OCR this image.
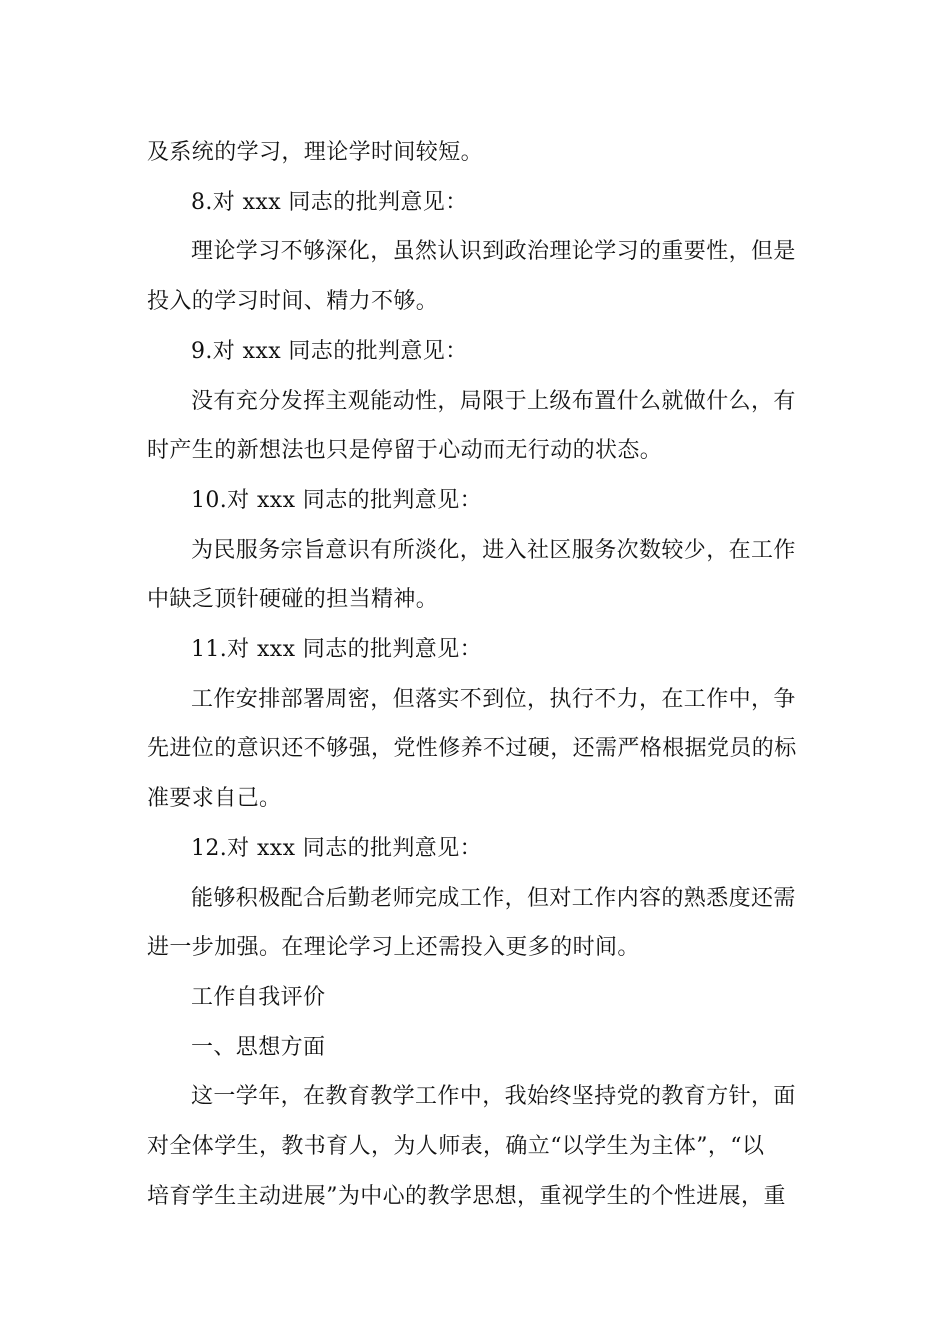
及系统的学习，理论学时间较短。
8.对 xxx 同志的批判意见：
理论学习不够深化，虽然认识到政治理论学习的重要性，但是
投入的学习时间、精力不够。
9.对 xxx 同志的批判意见：
没有充分发挥主观能动性，局限于上级布置什么就做什么，有
时产生的新想法也只是停留于心动而无行动的状态。
10.对 xxx 同志的批判意见：
为民服务宗旨意识有所淡化，进入社区服务次数较少，在工作
中缺乏顶针硬碰的担当精神。
11.对 xxx 同志的批判意见：
工作安排部署周密，但落实不到位，执行不力，在工作中，争
先进位的意识还不够强，党性修养不过硬，还需严格根据党员的标
准要求自己。
12.对 xxx 同志的批判意见：
能够积极配合后勤老师完成工作，但对工作内容的熟悉度还需
进一步加强。在理论学习上还需投入更多的时间。
工作自我评价
一、思想方面
这一学年，在教育教学工作中，我始终坚持党的教育方针，面
对全体学生，教书育人，为人师表，确立“以学生为主体”，“以
培育学生主动进展”为中心的教学思想，重视学生的个性进展，重
